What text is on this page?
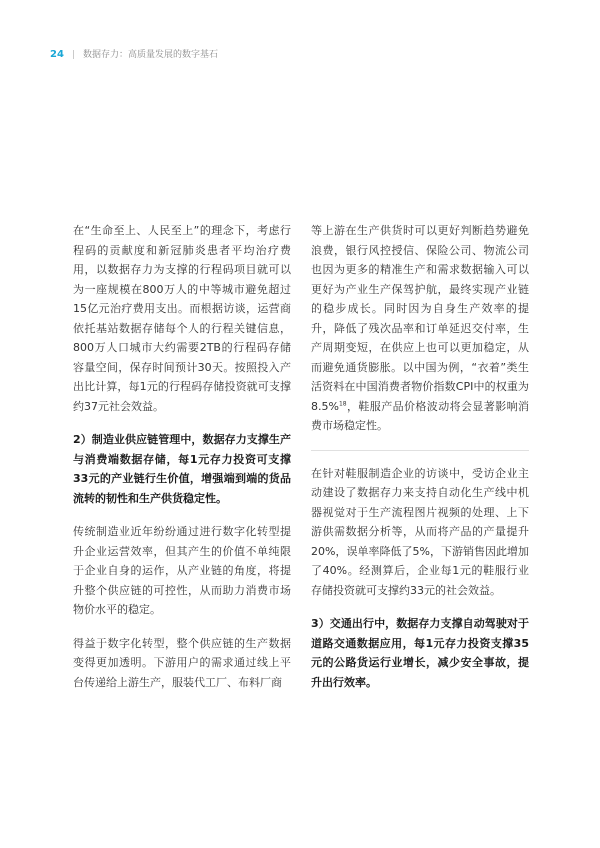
24 | 数据存力：高质量发展的数字基石

在“生命至上、人民至上”的理念下，考虑行程码的贡献度和新冠肺炎患者平均治疗费用，以数据存力为支撑的行程码项目就可以为一座规模在800万人的中等城市避免超过15亿元治疗费用支出。而根据访谈，运营商依托基站数据存储每个人的行程关键信息，800万人口城市大约需要2TB的行程码存储容量空间，保存时间预计30天。按照投入产出比计算，每1元的行程码存储投资就可支撑约37元社会效益。

2）制造业供应链管理中，数据存力支撑生产与消费端数据存储，每1元存力投资可支撑33元的产业链行生价值，增强端到端的货品流转的韧性和生产供货稳定性。

传统制造业近年纷纷通过进行数字化转型提升企业运营效率，但其产生的价值不单纯限于企业自身的运作，从产业链的角度，将提升整个供应链的可控性，从而助力消费市场物价水平的稳定。

得益于数字化转型，整个供应链的生产数据变得更加透明。下游用户的需求通过线上平台传递给上游生产，服装代工厂、布料厂商

等上游在生产供货时可以更好判断趋势避免浪费，银行风控授信、保险公司、物流公司也因为更多的精准生产和需求数据输入可以更好为产业生产保驾护航，最终实现产业链的稳步成长。同时因为自身生产效率的提升，降低了残次品率和订单延迟交付率，生产周期变短，在供应上也可以更加稳定，从而避免通货膨胀。以中国为例，“衣着”类生活资料在中国消费者物价指数CPI中的权重为8.5%$^{18}$，鞋服产品价格波动将会显著影响消费市场稳定性。

在针对鞋服制造企业的访谈中，受访企业主动建设了数据存力来支持自动化生产线中机器视觉对于生产流程图片视频的处理、上下游供需数据分析等，从而将产品的产量提升20%，误单率降低了5%，下游销售因此增加了40%。经测算后，企业每1元的鞋服行业存储投资就可支撑约33元的社会效益。

3）交通出行中，数据存力支撑自动驾驶对于道路交通数据应用，每1元存力投资支撑35元的公路货运行业增长，减少安全事故，提升出行效率。
